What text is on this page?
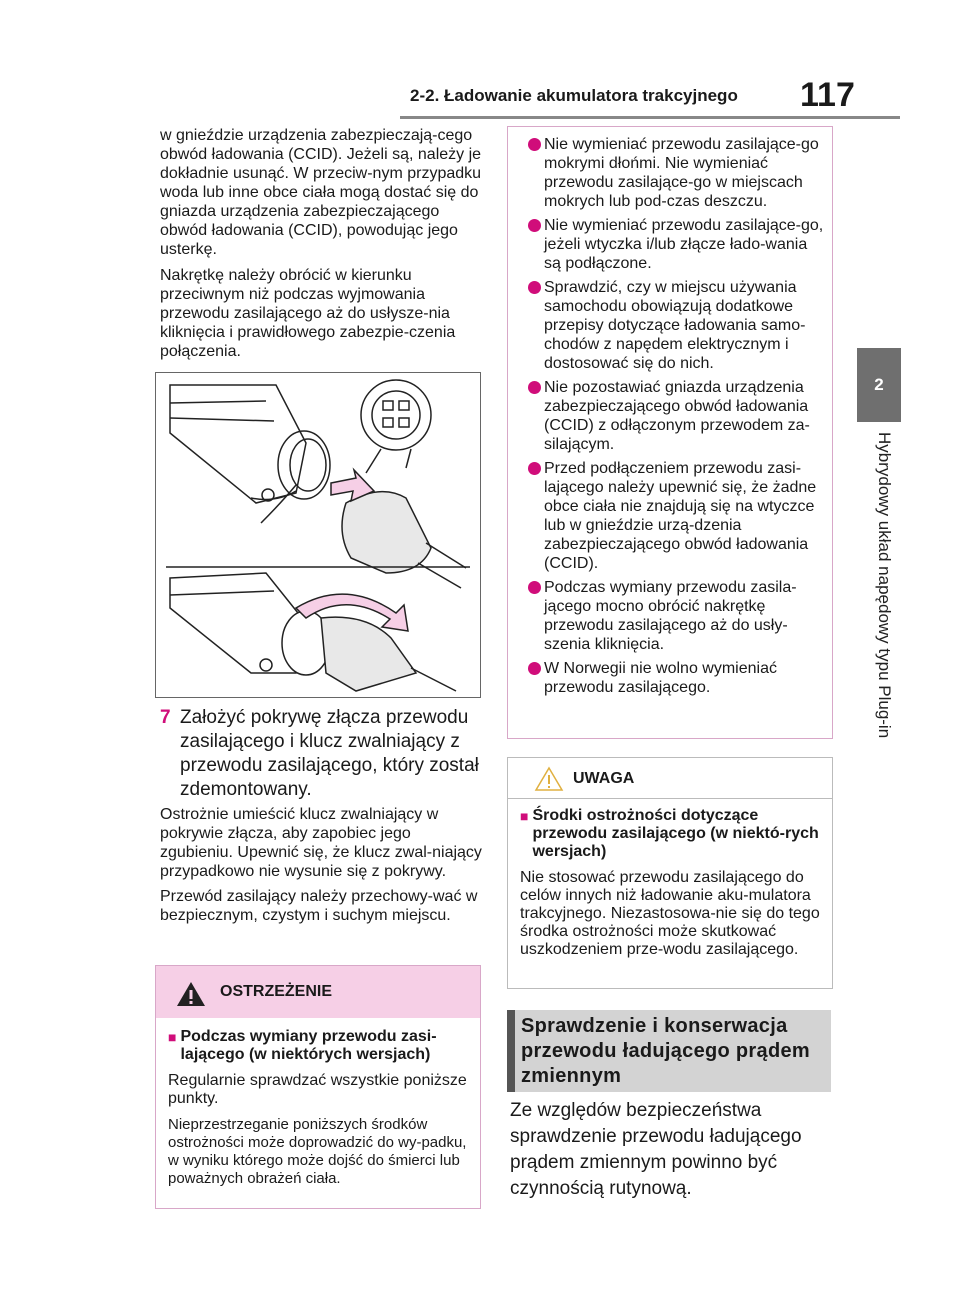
2-2. Ładowanie akumulatora trakcyjnego 117
2
Hybrydowy układ napędowy typu Plug-in

w gnieździe urządzenia zabezpieczają-cego obwód ładowania (CCID). Jeżeli są, należy je dokładnie usunąć. W przeciw-nym przypadku woda lub inne obce ciała mogą dostać się do gniazda urządzenia zabezpieczającego obwód ładowania (CCID), powodując jego usterkę.

Nakrętkę należy obrócić w kierunku przeciwnym niż podczas wyjmowania przewodu zasilającego aż do usłysze-nia kliknięcia i prawidłowego zabezpie-czenia połączenia.

7 Założyć pokrywę złącza przewodu zasilającego i klucz zwalniający z przewodu zasilającego, który został zdemontowany.

Ostrożnie umieścić klucz zwalniający w pokrywie złącza, aby zapobiec jego zgubieniu. Upewnić się, że klucz zwal-niający przypadkowo nie wysunie się z pokrywy.

Przewód zasilający należy przechowy-wać w bezpiecznym, czystym i suchym miejscu.

OSTRZEŻENIE
■ Podczas wymiany przewodu zasi-lającego (w niektórych wersjach)

Regularnie sprawdzać wszystkie poniższe punkty.

Nieprzestrzeganie poniższych środków ostrożności może doprowadzić do wy-padku, w wyniku którego może dojść do śmierci lub poważnych obrażeń ciała.

Nie wymieniać przewodu zasilające-go mokrymi dłońmi. Nie wymieniać przewodu zasilające-go w miejscach mokrych lub pod-czas deszczu.
Nie wymieniać przewodu zasilające-go, jeżeli wtyczka i/lub złącze łado-wania są podłączone.
Sprawdzić, czy w miejscu używania samochodu obowiązują dodatkowe przepisy dotyczące ładowania samo-chodów z napędem elektrycznym i dostosować się do nich.
Nie pozostawiać gniazda urządzenia zabezpieczającego obwód ładowania (CCID) z odłączonym przewodem za-silającym.
Przed podłączeniem przewodu zasi-lającego należy upewnić się, że żadne obce ciała nie znajdują się na wtyczce lub w gnieździe urzą-dzenia zabezpieczającego obwód ładowania (CCID).
Podczas wymiany przewodu zasila-jącego mocno obrócić nakrętkę przewodu zasilającego aż do usły-szenia kliknięcia.
W Norwegii nie wolno wymieniać przewodu zasilającego.
UWAGA
■ Środki ostrożności dotyczące przewodu zasilającego (w niektó-rych wersjach)

Nie stosować przewodu zasilającego do celów innych niż ładowanie aku-mulatora trakcyjnego. Niezastosowa-nie się do tego środka ostrożności może skutkować uszkodzeniem prze-wodu zasilającego.

Sprawdzenie i konserwacja przewodu ładującego prądem zmiennym

Ze względów bezpieczeństwa sprawdzenie przewodu ładującego prądem zmiennym powinno być czynnością rutynową.
